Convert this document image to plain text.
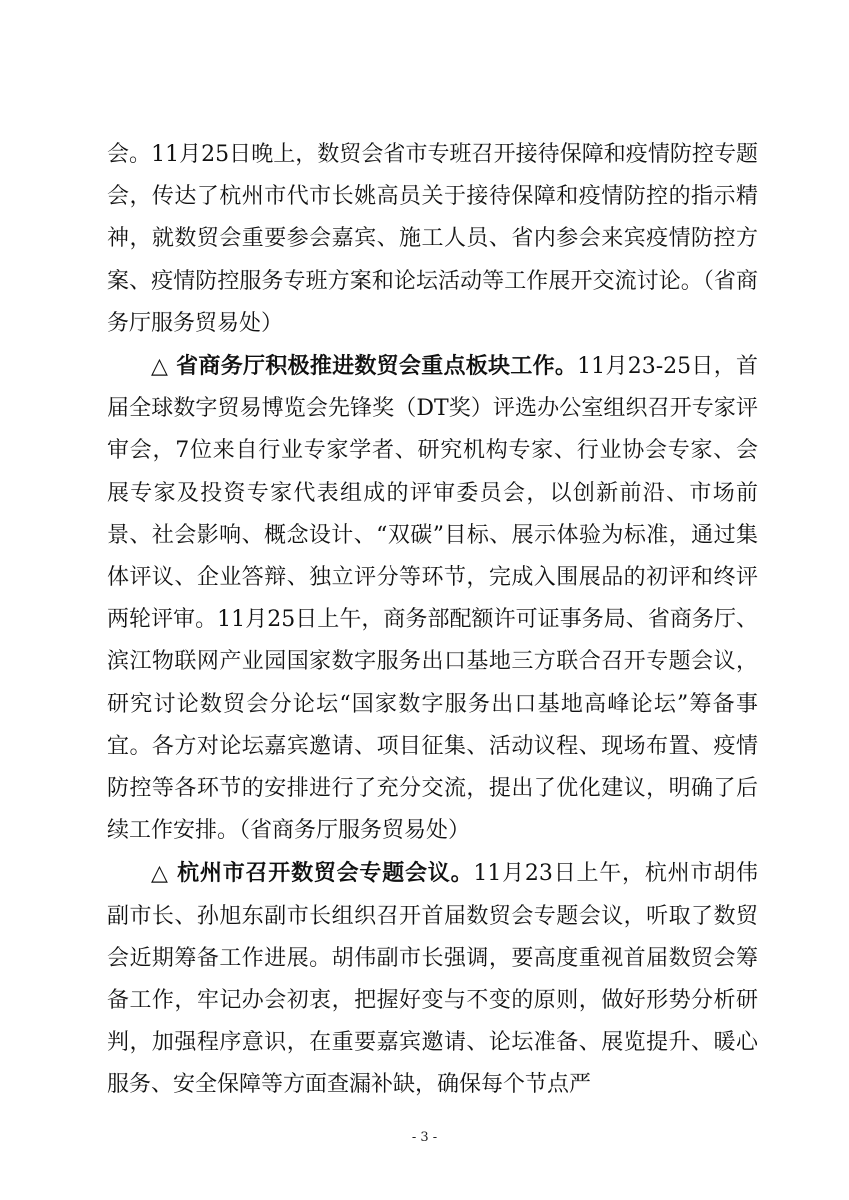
会。11月25日晚上，数贸会省市专班召开接待保障和疫情防控专题会，传达了杭州市代市长姚高员关于接待保障和疫情防控的指示精神，就数贸会重要参会嘉宾、施工人员、省内参会来宾疫情防控方案、疫情防控服务专班方案和论坛活动等工作展开交流讨论。（省商务厅服务贸易处）

△ 省商务厅积极推进数贸会重点板块工作。11月23-25日，首届全球数字贸易博览会先锋奖（DT奖）评选办公室组织召开专家评审会，7位来自行业专家学者、研究机构专家、行业协会专家、会展专家及投资专家代表组成的评审委员会，以创新前沿、市场前景、社会影响、概念设计、“双碳”目标、展示体验为标准，通过集体评议、企业答辩、独立评分等环节，完成入围展品的初评和终评两轮评审。11月25日上午，商务部配额许可证事务局、省商务厅、滨江物联网产业园国家数字服务出口基地三方联合召开专题会议，研究讨论数贸会分论坛“国家数字服务出口基地高峰论坛”筹备事宜。各方对论坛嘉宾邀请、项目征集、活动议程、现场布置、疫情防控等各环节的安排进行了充分交流，提出了优化建议，明确了后续工作安排。（省商务厅服务贸易处）

△ 杭州市召开数贸会专题会议。11月23日上午，杭州市胡伟副市长、孙旭东副市长组织召开首届数贸会专题会议，听取了数贸会近期筹备工作进展。胡伟副市长强调，要高度重视首届数贸会筹备工作，牢记办会初衷，把握好变与不变的原则，做好形势分析研判，加强程序意识，在重要嘉宾邀请、论坛准备、展览提升、暖心服务、安全保障等方面查漏补缺，确保每个节点严

- 3 -
